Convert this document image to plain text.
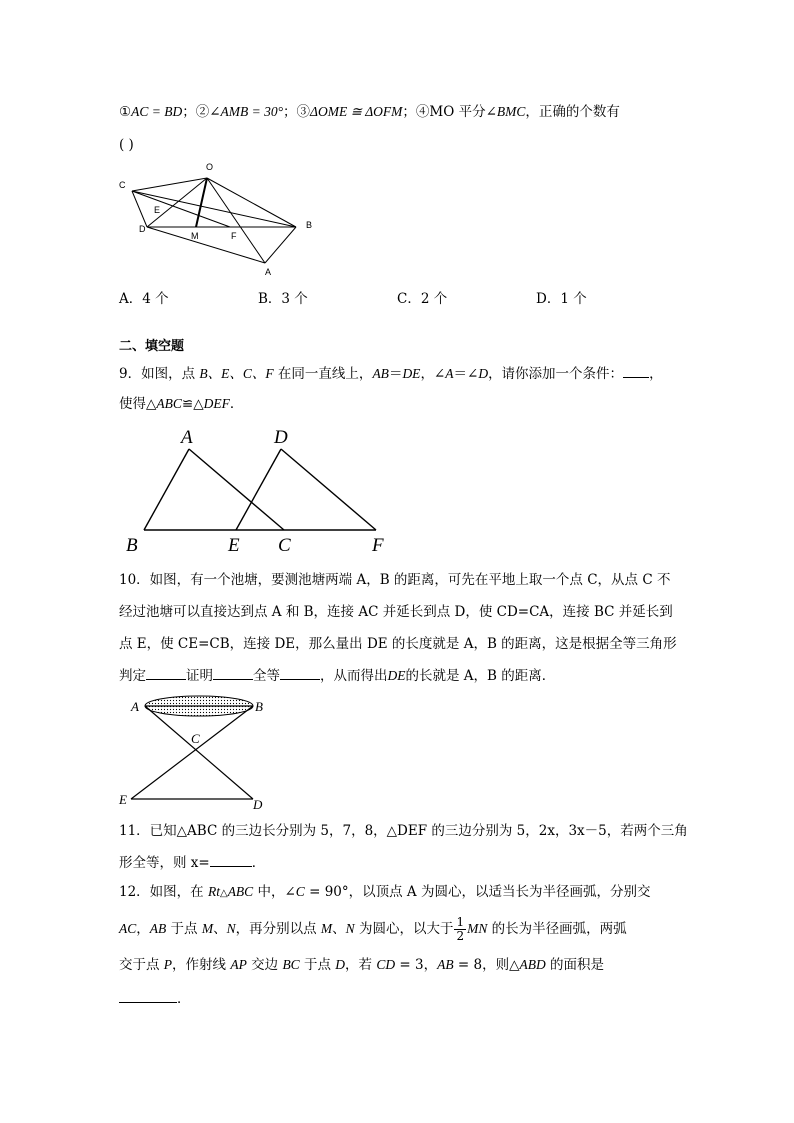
①AC = BD；②∠AMB = 30°；③ΔOME ≅ ΔOFM；④MO 平分∠BMC，正确的个数有
( )
O
C
E
D
M	F
B
A
A．4 个	B．3 个	C．2 个	D．1 个
二、填空题
9．如图，点 B、E、C、F 在同一直线上，AB＝DE，∠A＝∠D，请你添加一个条件： ，
使得△ABC≌△DEF．
A	D
B	E C	F
10．如图，有一个池塘，要测池塘两端 A，B 的距离，可先在平地上取一个点 C，从点 C 不
经过池塘可以直接达到点 A 和 B，连接 AC 并延长到点 D，使 CD=CA，连接 BC 并延长到
点 E，使 CE=CB，连接 DE，那么量出 DE 的长度就是 A，B 的距离，这是根据全等三角形
判定	证明	全等	，从而得出DE的长就是 A，B 的距离．
A	B
C
E	D
11．已知△ABC 的三边长分别为 5，7，8，△DEF 的三边分别为 5，2x，3x－5，若两个三角
形全等，则 x=	．
12．如图，在 Rt△ABC 中，∠C = 90°，以顶点 A 为圆心，以适当长为半径画弧，分别交
AC，AB 于点 M、N，再分别以点 M、N 为圆心，以大于 $\frac{1}{2}$ MN 的长为半径画弧，两弧
交于点 P，作射线 AP 交边 BC 于点 D，若 CD = 3，AB = 8，则△ABD 的面积是
．
